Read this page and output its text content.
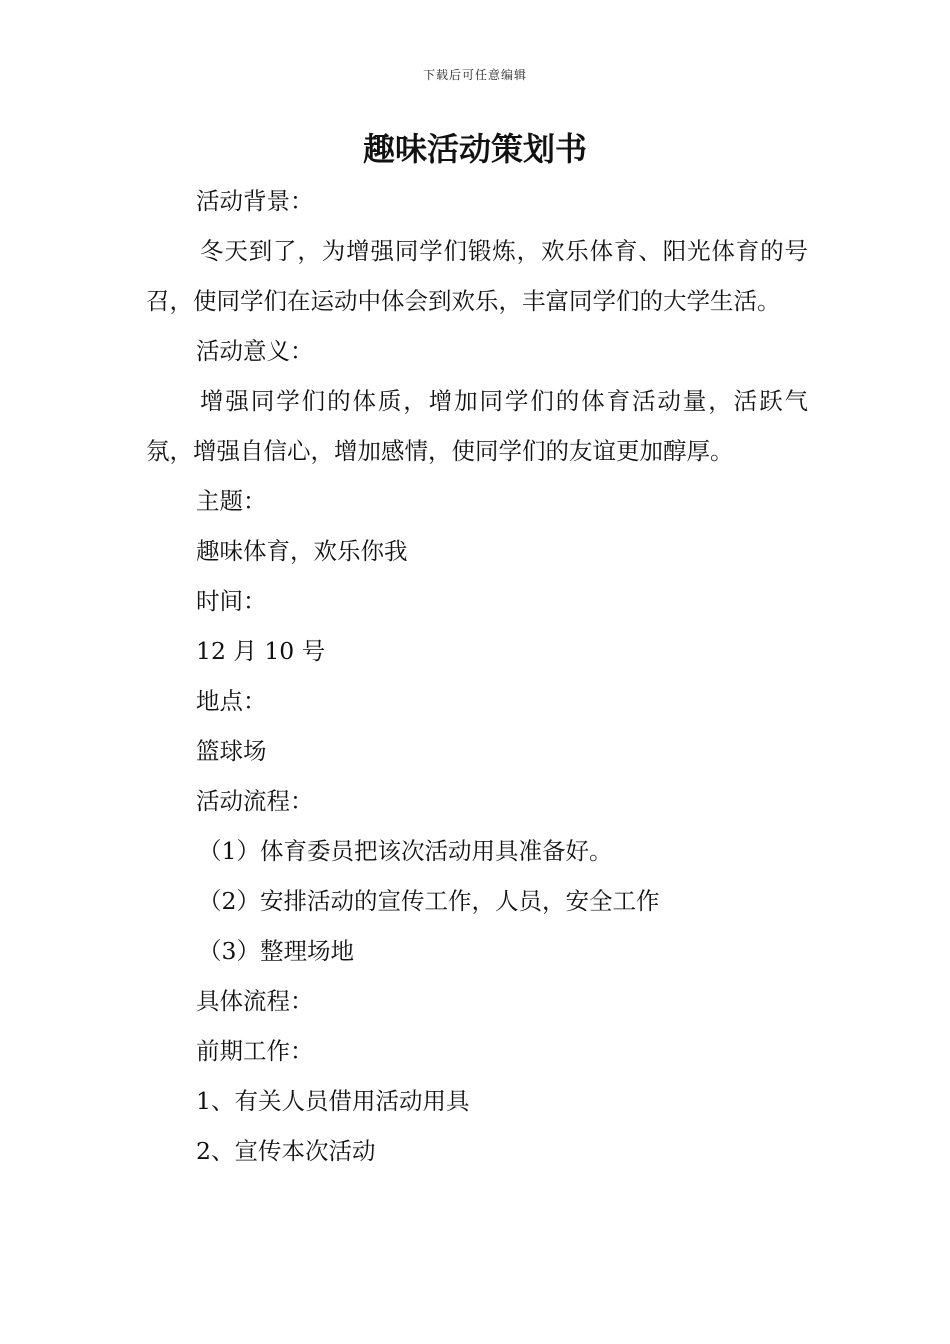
下载后可任意编辑
趣味活动策划书
活动背景：
冬天到了，为增强同学们锻炼，欢乐体育、阳光体育的号召，使同学们在运动中体会到欢乐，丰富同学们的大学生活。
活动意义：
增强同学们的体质，增加同学们的体育活动量，活跃气氛，增强自信心，增加感情，使同学们的友谊更加醇厚。
主题：
趣味体育，欢乐你我
时间：
12 月 10 号
地点：
篮球场
活动流程：
（1）体育委员把该次活动用具准备好。
（2）安排活动的宣传工作，人员，安全工作
（3）整理场地
具体流程：
前期工作：
1、有关人员借用活动用具
2、宣传本次活动
